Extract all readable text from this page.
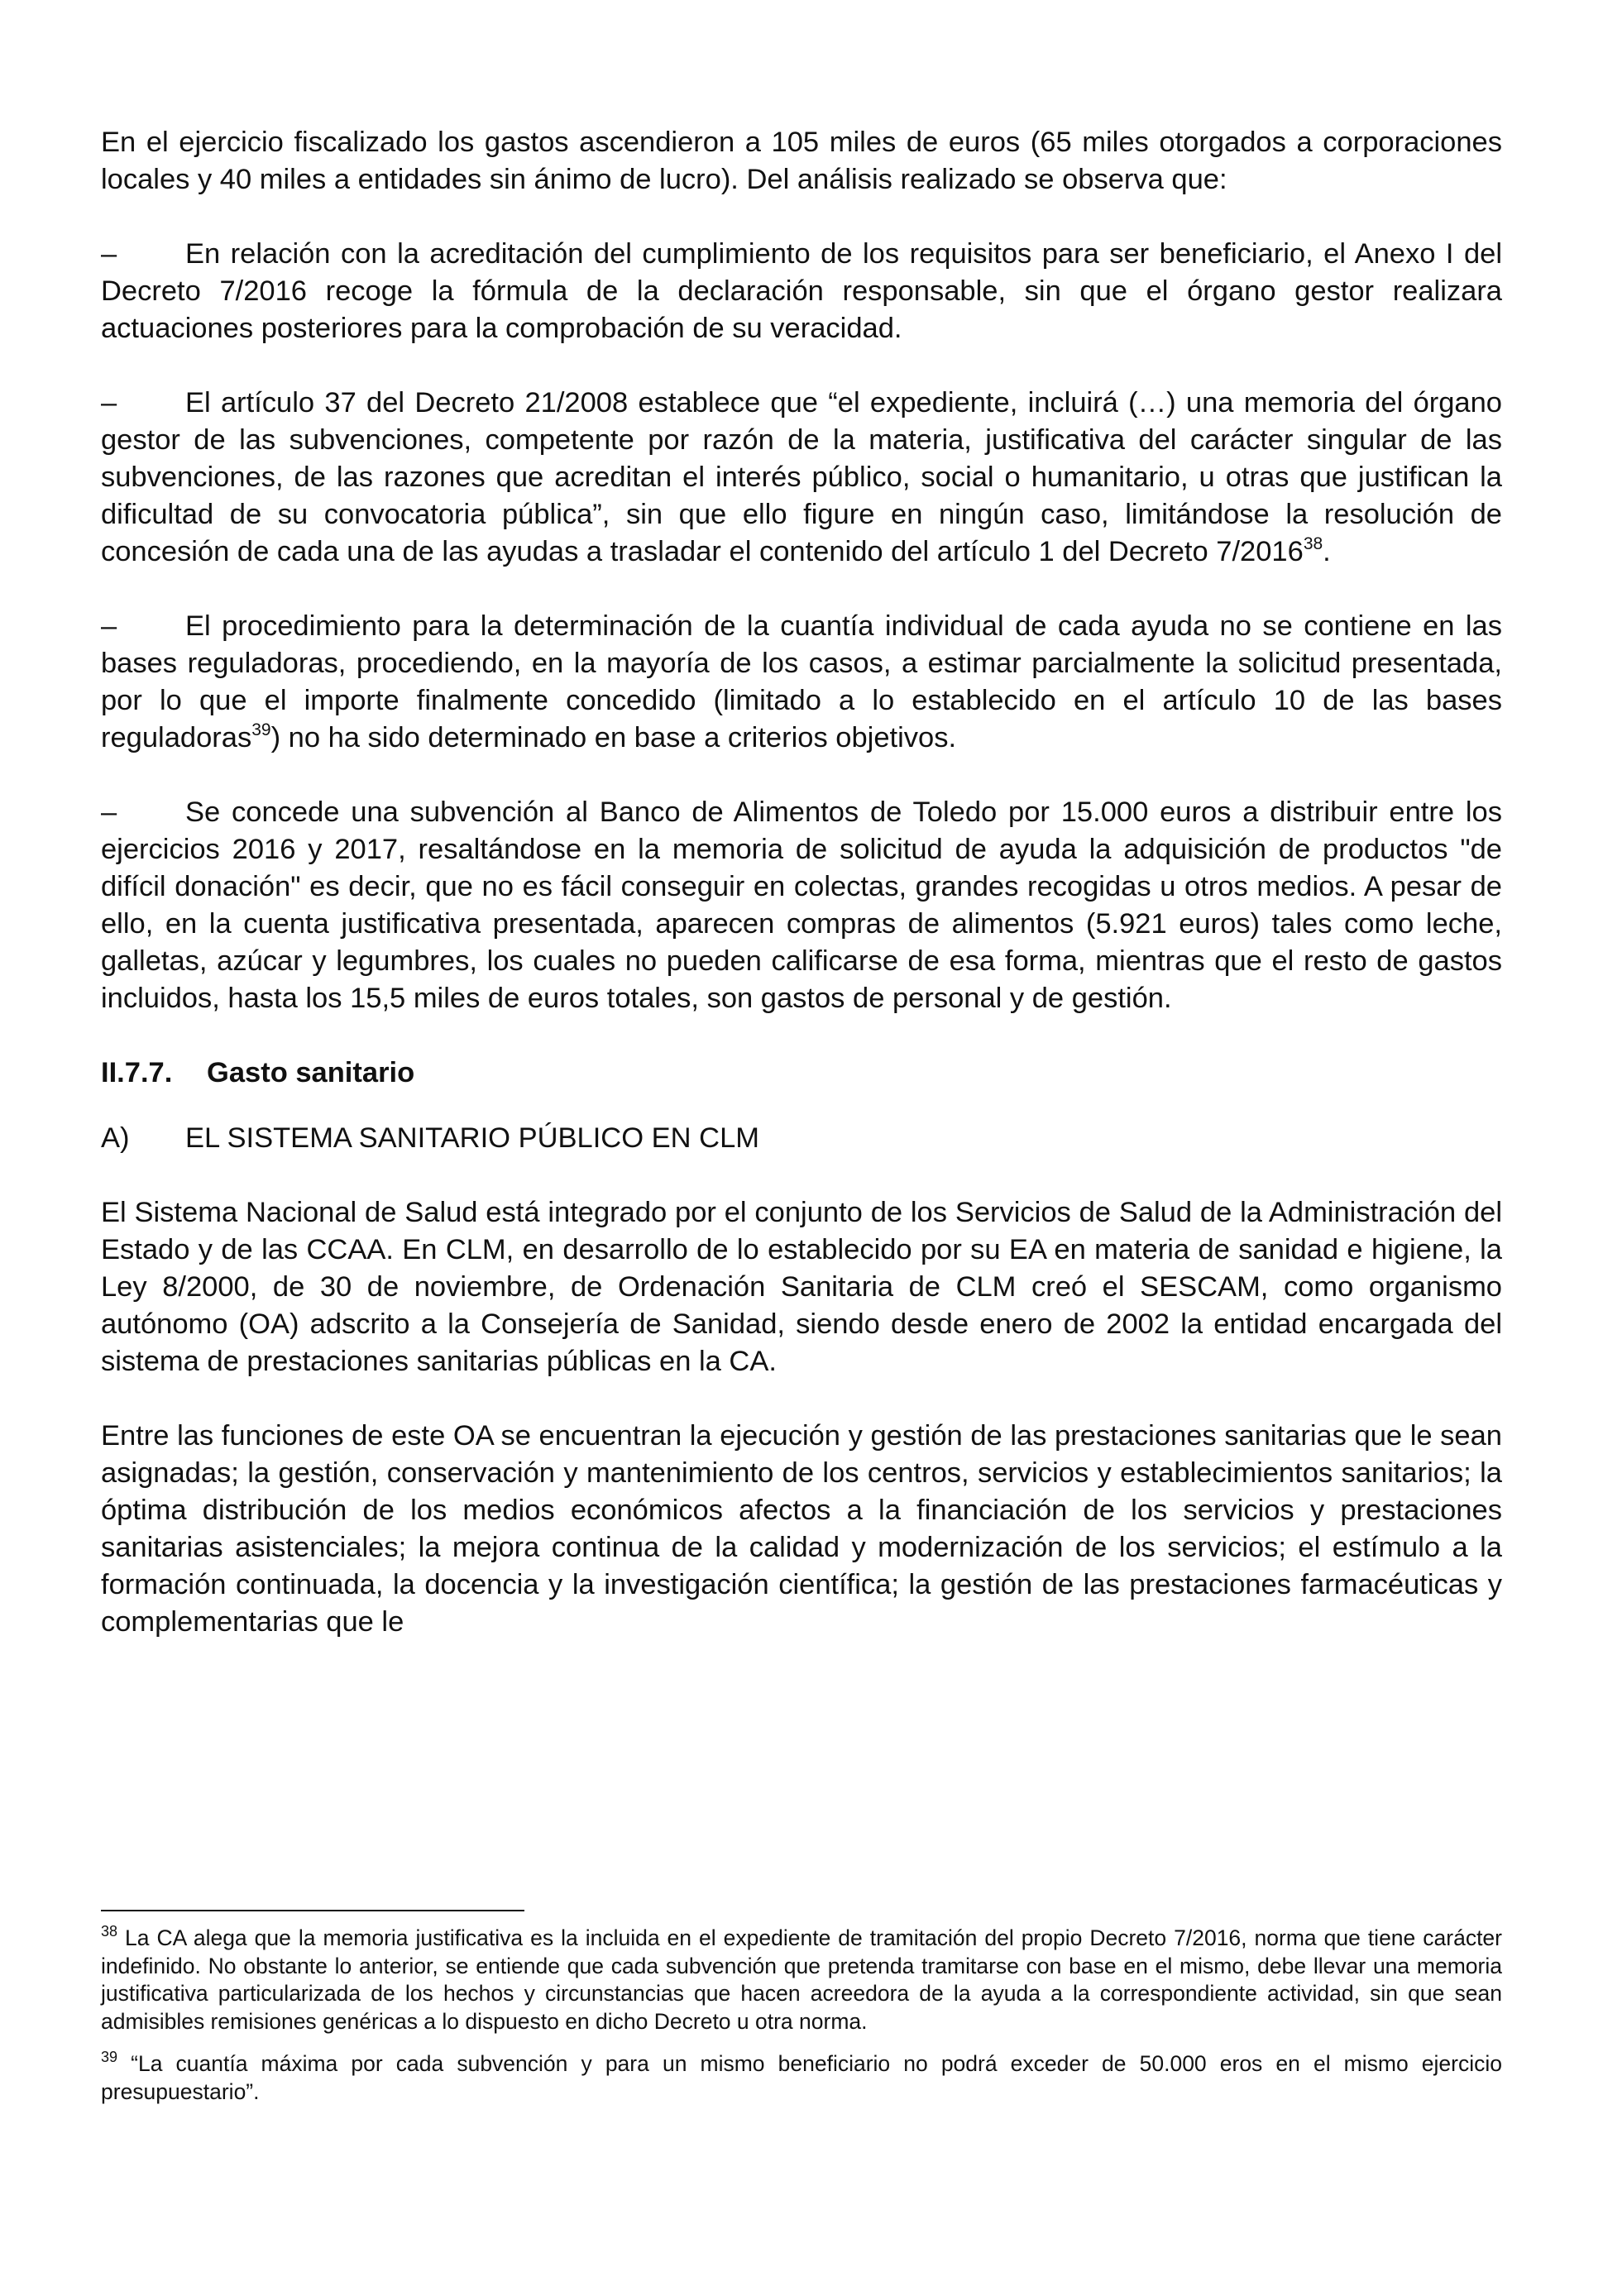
En el ejercicio fiscalizado los gastos ascendieron a 105 miles de euros (65 miles otorgados a corporaciones locales y 40 miles a entidades sin ánimo de lucro). Del análisis realizado se observa que:

– En relación con la acreditación del cumplimiento de los requisitos para ser beneficiario, el Anexo I del Decreto 7/2016 recoge la fórmula de la declaración responsable, sin que el órgano gestor realizara actuaciones posteriores para la comprobación de su veracidad.

– El artículo 37 del Decreto 21/2008 establece que “el expediente, incluirá (…) una memoria del órgano gestor de las subvenciones, competente por razón de la materia, justificativa del carácter singular de las subvenciones, de las razones que acreditan el interés público, social o humanitario, u otras que justifican la dificultad de su convocatoria pública”, sin que ello figure en ningún caso, limitándose la resolución de concesión de cada una de las ayudas a trasladar el contenido del artículo 1 del Decreto 7/2016$^{38}$.

– El procedimiento para la determinación de la cuantía individual de cada ayuda no se contiene en las bases reguladoras, procediendo, en la mayoría de los casos, a estimar parcialmente la solicitud presentada, por lo que el importe finalmente concedido (limitado a lo establecido en el artículo 10 de las bases reguladoras$^{39}$) no ha sido determinado en base a criterios objetivos.

– Se concede una subvención al Banco de Alimentos de Toledo por 15.000 euros a distribuir entre los ejercicios 2016 y 2017, resaltándose en la memoria de solicitud de ayuda la adquisición de productos "de difícil donación" es decir, que no es fácil conseguir en colectas, grandes recogidas u otros medios. A pesar de ello, en la cuenta justificativa presentada, aparecen compras de alimentos (5.921 euros) tales como leche, galletas, azúcar y legumbres, los cuales no pueden calificarse de esa forma, mientras que el resto de gastos incluidos, hasta los 15,5 miles de euros totales, son gastos de personal y de gestión.

II.7.7. Gasto sanitario
A) EL SISTEMA SANITARIO PÚBLICO EN CLM

El Sistema Nacional de Salud está integrado por el conjunto de los Servicios de Salud de la Administración del Estado y de las CCAA. En CLM, en desarrollo de lo establecido por su EA en materia de sanidad e higiene, la Ley 8/2000, de 30 de noviembre, de Ordenación Sanitaria de CLM creó el SESCAM, como organismo autónomo (OA) adscrito a la Consejería de Sanidad, siendo desde enero de 2002 la entidad encargada del sistema de prestaciones sanitarias públicas en la CA.

Entre las funciones de este OA se encuentran la ejecución y gestión de las prestaciones sanitarias que le sean asignadas; la gestión, conservación y mantenimiento de los centros, servicios y establecimientos sanitarios; la óptima distribución de los medios económicos afectos a la financiación de los servicios y prestaciones sanitarias asistenciales; la mejora continua de la calidad y modernización de los servicios; el estímulo a la formación continuada, la docencia y la investigación científica; la gestión de las prestaciones farmacéuticas y complementarias que le

$^{38}$ La CA alega que la memoria justificativa es la incluida en el expediente de tramitación del propio Decreto 7/2016, norma que tiene carácter indefinido. No obstante lo anterior, se entiende que cada subvención que pretenda tramitarse con base en el mismo, debe llevar una memoria justificativa particularizada de los hechos y circunstancias que hacen acreedora de la ayuda a la correspondiente actividad, sin que sean admisibles remisiones genéricas a lo dispuesto en dicho Decreto u otra norma.

$^{39}$ “La cuantía máxima por cada subvención y para un mismo beneficiario no podrá exceder de 50.000 eros en el mismo ejercicio presupuestario”.
